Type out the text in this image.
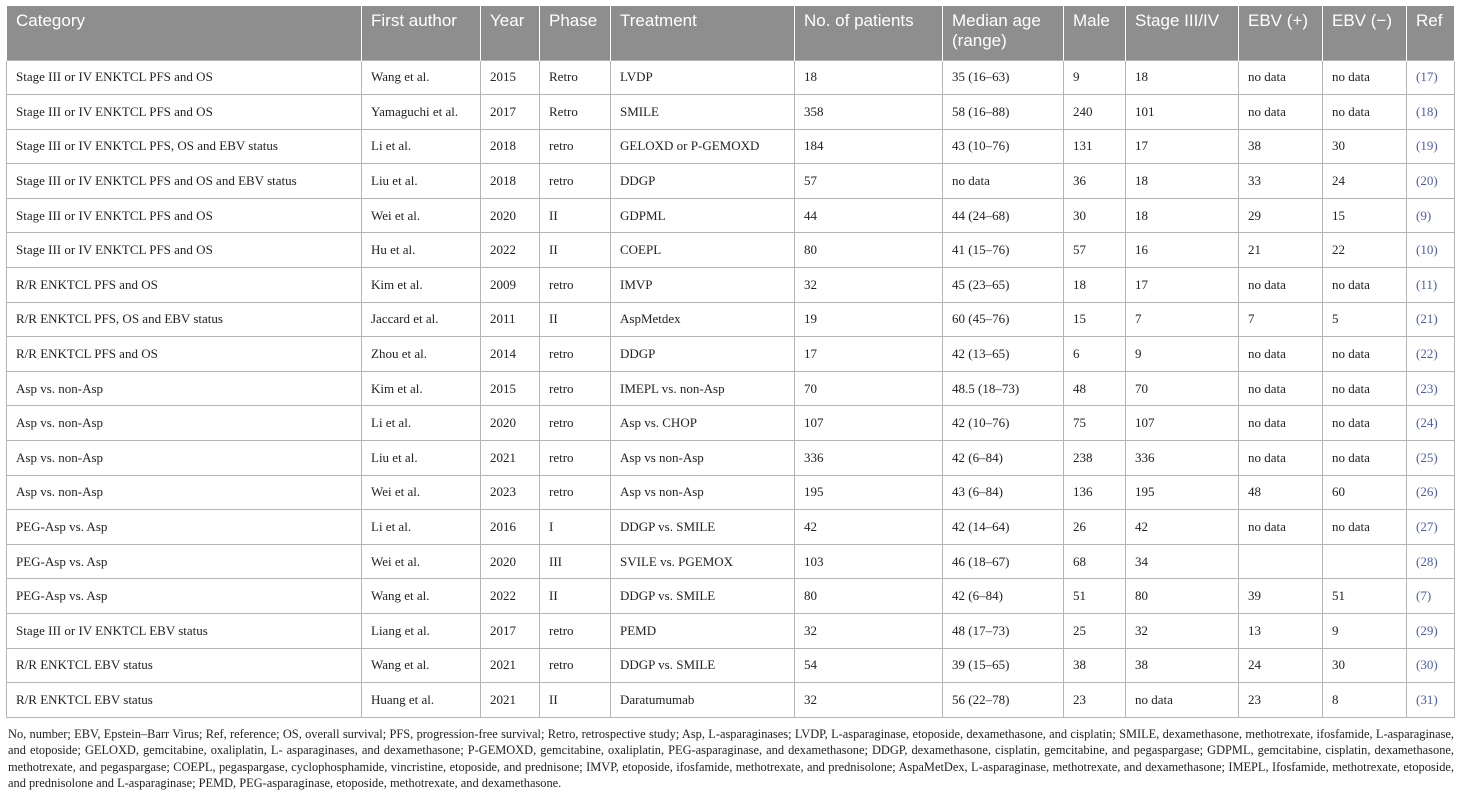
Category	First author	Year	Phase	Treatment	No. of patients	Median age (range)	Male	Stage III/IV	EBV (+)	EBV (−)	Ref
Stage III or IV ENKTCL PFS and OS	Wang et al.	2015	Retro	LVDP	18	35 (16–63)	9	18	no data	no data	(17)
Stage III or IV ENKTCL PFS and OS	Yamaguchi et al.	2017	Retro	SMILE	358	58 (16–88)	240	101	no data	no data	(18)
Stage III or IV ENKTCL PFS, OS and EBV status	Li et al.	2018	retro	GELOXD or P-GEMOXD	184	43 (10–76)	131	17	38	30	(19)
Stage III or IV ENKTCL PFS and OS and EBV status	Liu et al.	2018	retro	DDGP	57	no data	36	18	33	24	(20)
Stage III or IV ENKTCL PFS and OS	Wei et al.	2020	II	GDPML	44	44 (24–68)	30	18	29	15	(9)
Stage III or IV ENKTCL PFS and OS	Hu et al.	2022	II	COEPL	80	41 (15–76)	57	16	21	22	(10)
R/R ENKTCL PFS and OS	Kim et al.	2009	retro	IMVP	32	45 (23–65)	18	17	no data	no data	(11)
R/R ENKTCL PFS, OS and EBV status	Jaccard et al.	2011	II	AspMetdex	19	60 (45–76)	15	7	7	5	(21)
R/R ENKTCL PFS and OS	Zhou et al.	2014	retro	DDGP	17	42 (13–65)	6	9	no data	no data	(22)
Asp vs. non-Asp	Kim et al.	2015	retro	IMEPL vs. non-Asp	70	48.5 (18–73)	48	70	no data	no data	(23)
Asp vs. non-Asp	Li et al.	2020	retro	Asp vs. CHOP	107	42 (10–76)	75	107	no data	no data	(24)
Asp vs. non-Asp	Liu et al.	2021	retro	Asp vs non-Asp	336	42 (6–84)	238	336	no data	no data	(25)
Asp vs. non-Asp	Wei et al.	2023	retro	Asp vs non-Asp	195	43 (6–84)	136	195	48	60	(26)
PEG-Asp vs. Asp	Li et al.	2016	I	DDGP vs. SMILE	42	42 (14–64)	26	42	no data	no data	(27)
PEG-Asp vs. Asp	Wei et al.	2020	III	SVILE vs. PGEMOX	103	46 (18–67)	68	34			(28)
PEG-Asp vs. Asp	Wang et al.	2022	II	DDGP vs. SMILE	80	42 (6–84)	51	80	39	51	(7)
Stage III or IV ENKTCL EBV status	Liang et al.	2017	retro	PEMD	32	48 (17–73)	25	32	13	9	(29)
R/R ENKTCL EBV status	Wang et al.	2021	retro	DDGP vs. SMILE	54	39 (15–65)	38	38	24	30	(30)
R/R ENKTCL EBV status	Huang et al.	2021	II	Daratumumab	32	56 (22–78)	23	no data	23	8	(31)
No, number; EBV, Epstein–Barr Virus; Ref, reference; OS, overall survival; PFS, progression-free survival; Retro, retrospective study; Asp, L-asparaginases; LVDP, L-asparaginase, etoposide, dexamethasone, and cisplatin; SMILE, dexamethasone, methotrexate, ifosfamide, L-asparaginase, and etoposide; GELOXD, gemcitabine, oxaliplatin, L- asparaginases, and dexamethasone; P-GEMOXD, gemcitabine, oxaliplatin, PEG-asparaginase, and dexamethasone; DDGP, dexamethasone, cisplatin, gemcitabine, and pegaspargase; GDPML, gemcitabine, cisplatin, dexamethasone, methotrexate, and pegaspargase; COEPL, pegaspargase, cyclophosphamide, vincristine, etoposide, and prednisone; IMVP, etoposide, ifosfamide, methotrexate, and prednisolone; AspaMetDex, L-asparaginase, methotrexate, and dexamethasone; IMEPL, Ifosfamide, methotrexate, etoposide, and prednisolone and L-asparaginase; PEMD, PEG-asparaginase, etoposide, methotrexate, and dexamethasone.
